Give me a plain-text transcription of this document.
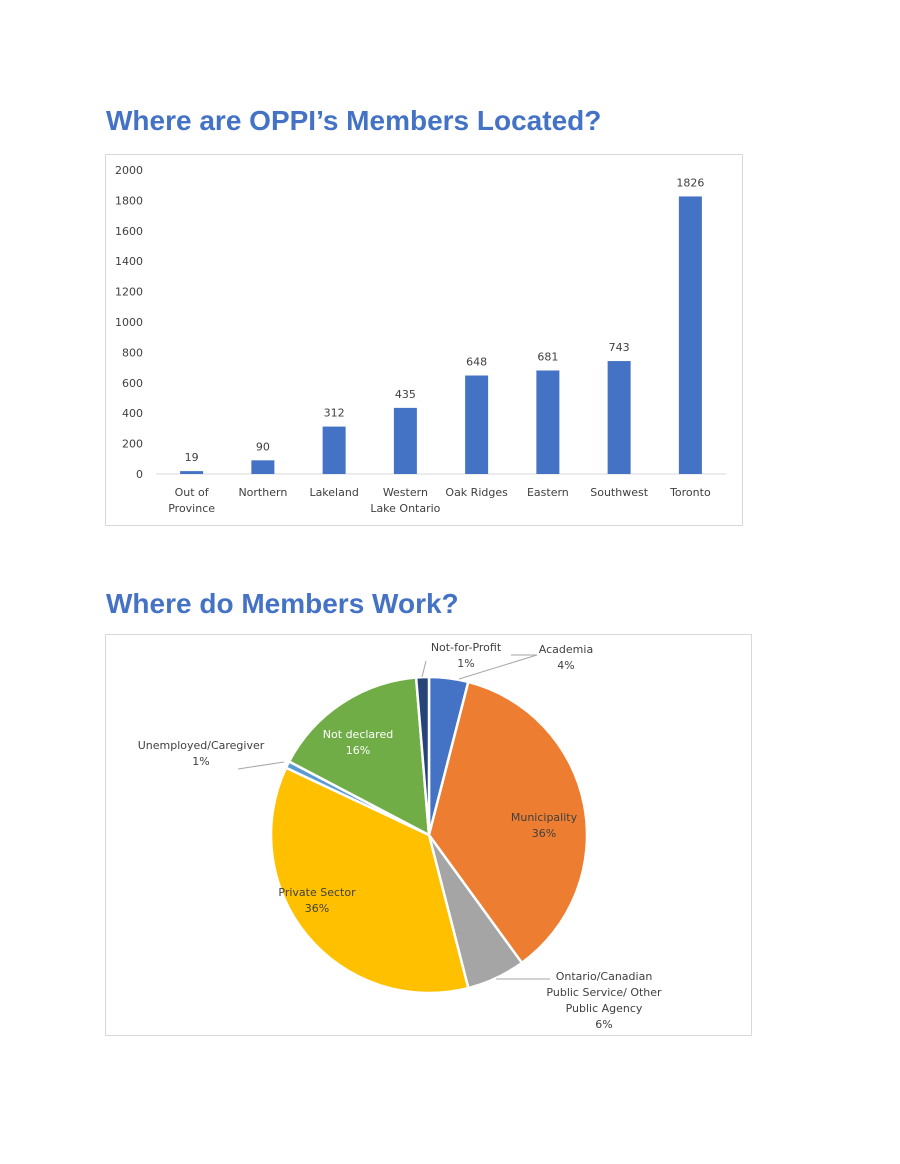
Where are OPPI’s Members Located?
0
200
400
600
800
1000
1200
1400
1600
1800
2000
19
Out of
Province
90
Northern
312
Lakeland
435
Western
Lake Ontario
648
Oak Ridges
681
Eastern
743
Southwest
1826
Toronto
Where do Members Work?
Academia
4%
Municipality
36%
Ontario/Canadian
Public Service/ Other
Public Agency
6%
Private Sector
36%
Unemployed/Caregiver
1%
Not declared
16%
Not-for-Profit
1%
